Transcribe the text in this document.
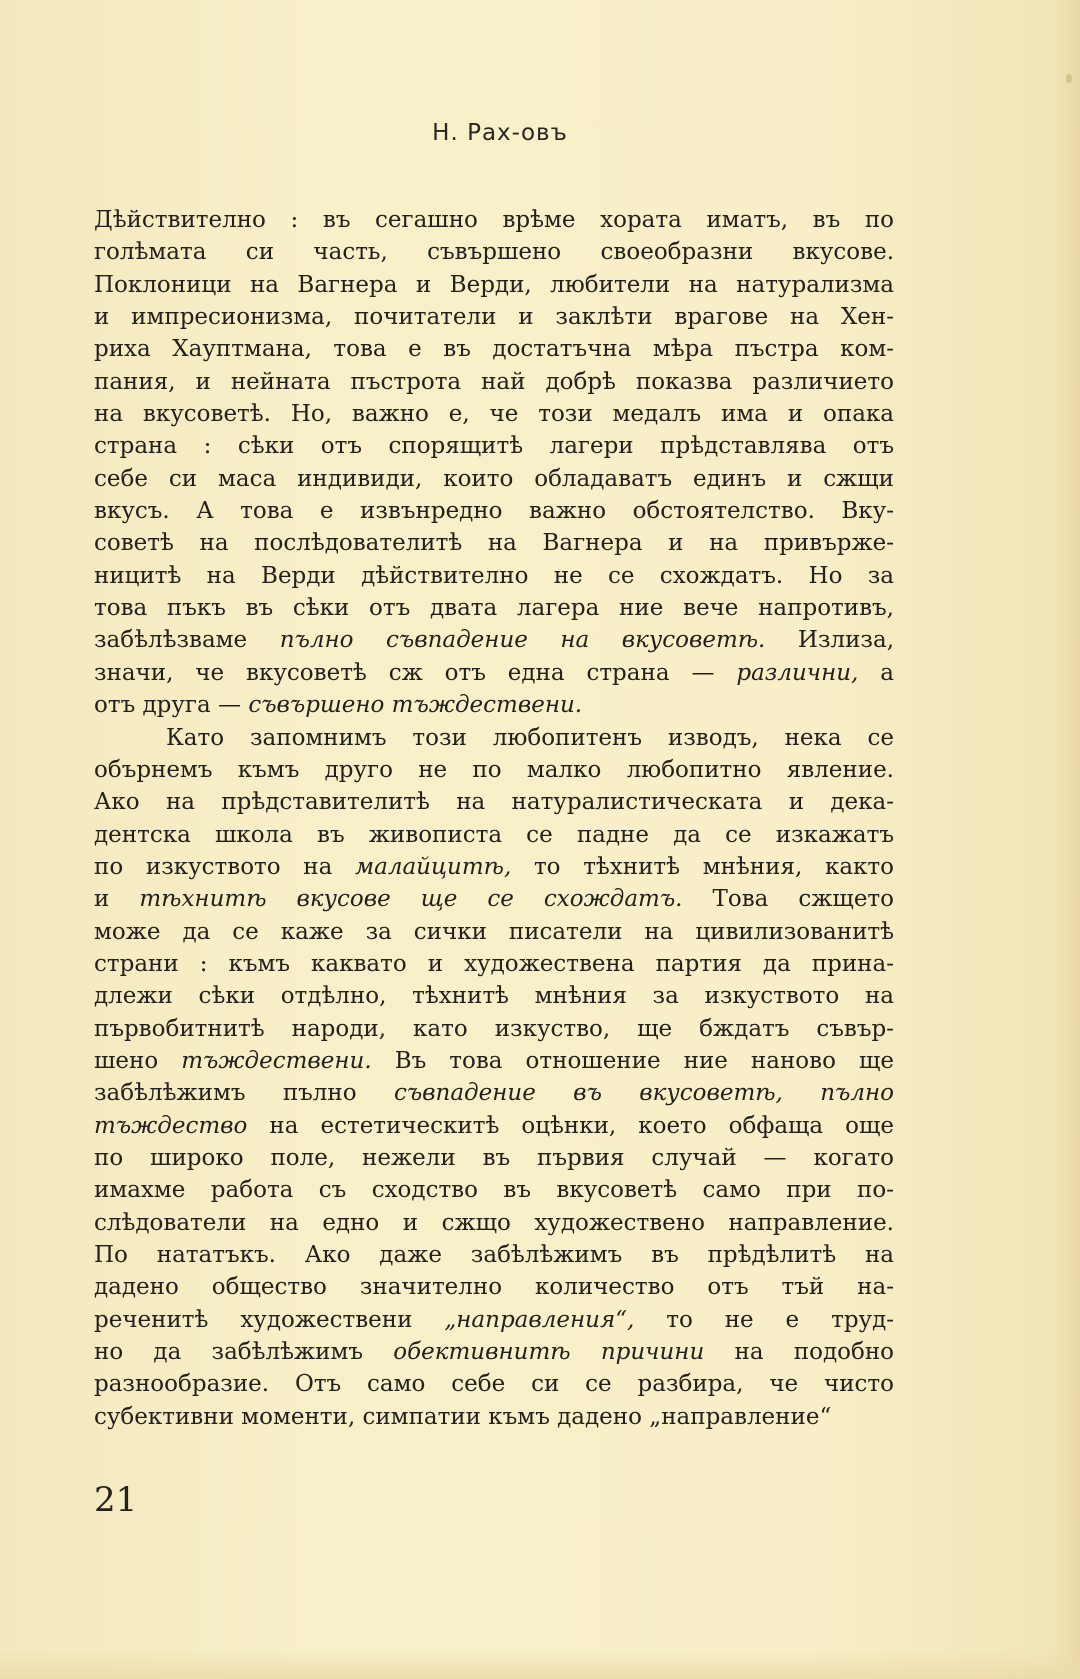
Н. Рах-овъ
Дѣйствително : въ сегашно врѣме хората иматъ, въ по
голѣмата си часть, съвършено своеобразни вкусове.
Поклоници на Вагнера и Верди, любители на натурализма
и импресионизма, почитатели и заклѣти врагове на Хен-
риха Хауптмана, това е въ достатъчна мѣра пъстра ком-
пания, и нейната пъстрота най добрѣ показва различието
на вкусоветѣ. Но, важно е, че този медалъ има и опака
страна : сѣки отъ спорящитѣ лагери прѣдставлява отъ
себе си маса индивиди, които обладаватъ единъ и сжщи
вкусъ. А това е извънредно важно обстоятелство. Вку-
советѣ на послѣдователитѣ на Вагнера и на привърже-
ницитѣ на Верди дѣйствително не се схождатъ. Но за
това пъкъ въ сѣки отъ двата лагера ние вече напротивъ,
забѣлѣзваме пълно съвпадение на вкусоветѣ. Излиза,
значи, че вкусоветѣ сж отъ една страна — различни, а
отъ друга — съвършено тъждествени.
Като запомнимъ този любопитенъ изводъ, нека се
обърнемъ къмъ друго не по малко любопитно явление.
Ако на прѣдставителитѣ на натуралистическата и дека-
дентска школа въ живописта се падне да се изкажатъ
по изкуството на малайцитѣ, то тѣхнитѣ мнѣния, както
и тѣхнитѣ вкусове ще се схождатъ. Това сжщето
може да се каже за сички писатели на цивилизованитѣ
страни : къмъ каквато и художествена партия да прина-
длежи сѣки отдѣлно, тѣхнитѣ мнѣния за изкуството на
първобитнитѣ народи, като изкуство, ще бждатъ съвър-
шено тъждествени. Въ това отношение ние наново ще
забѣлѣжимъ пълно съвпадение въ вкусоветѣ, пълно
тъждество на естетическитѣ оцѣнки, което обфаща още
по широко поле, нежели въ първия случай — когато
имахме работа съ сходство въ вкусоветѣ само при по-
слѣдователи на едно и сжщо художествено направление.
По нататъкъ. Ако даже забѣлѣжимъ въ прѣдѣлитѣ на
дадено общество значително количество отъ тъй на-
реченитѣ художествени „направления“, то не е труд-
но да забѣлѣжимъ обективнитѣ причини на подобно
разнообразие. Отъ само себе си се разбира, че чисто
субективни моменти, симпатии къмъ дадено „направление“
21
